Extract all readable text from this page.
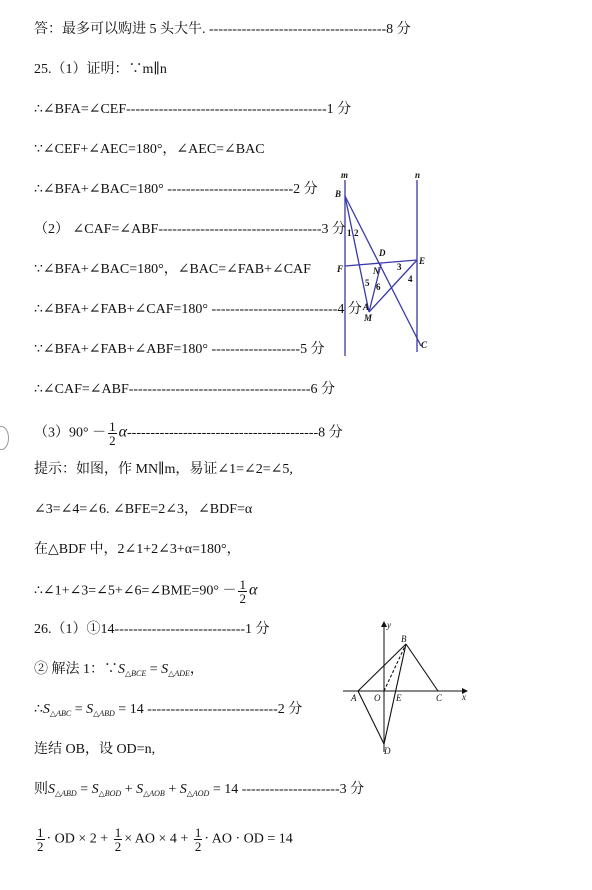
答：最多可以购进 5 头大牛. --------------------------------------8 分
25.（1）证明：∵m∥n
∴∠BFA=∠CEF-------------------------------------------1 分
∵∠CEF+∠AEC=180°，∠AEC=∠BAC
∴∠BFA+∠BAC=180° ---------------------------2 分
（2） ∠CAF=∠ABF-----------------------------------3 分
∵∠BFA+∠BAC=180°，∠BAC=∠FAB+∠CAF
∴∠BFA+∠FAB+∠CAF=180° ---------------------------4 分
∵∠BFA+∠FAB+∠ABF=180° -------------------5 分
∴∠CAF=∠ABF---------------------------------------6 分
$(3)90^\circ - \frac{1}{2} \alpha-----------------------------------------8$ 分
提示：如图，作 MN∥m，易证∠1=∠2=∠5,
∠3=∠4=∠6. ∠BFE=2∠3，∠BDF=α
在△BDF 中，2∠1+2∠3+α=180°，
∴∠1+∠3=∠5+∠6=∠BME=90° － $\frac{1}{2}$ α
26.（1）①14----------------------------1 分
② 解法 1：$\because S_{\triangle BCE} = S_{\triangle ADE}$，
$\therefore S_{\triangle ABC} = S_{\triangle ABD} = 14$ ----------------------------2 分
连结 OB，设 OD=n,
则$S_{\triangle ABD} = S_{\triangle BOD} + S_{\triangle AOB} + S_{\triangle AOD} = 14$ ---------------------3 分
$\frac{1}{2}$ · OD × $2 + \frac{1}{2}$ × AO × $4 + \frac{1}{2}$ · AO · OD = 14
m	n
B
D
E
F
A
N
M
C
1 2
3
4
5 6
y
B
A O E	C x
D
